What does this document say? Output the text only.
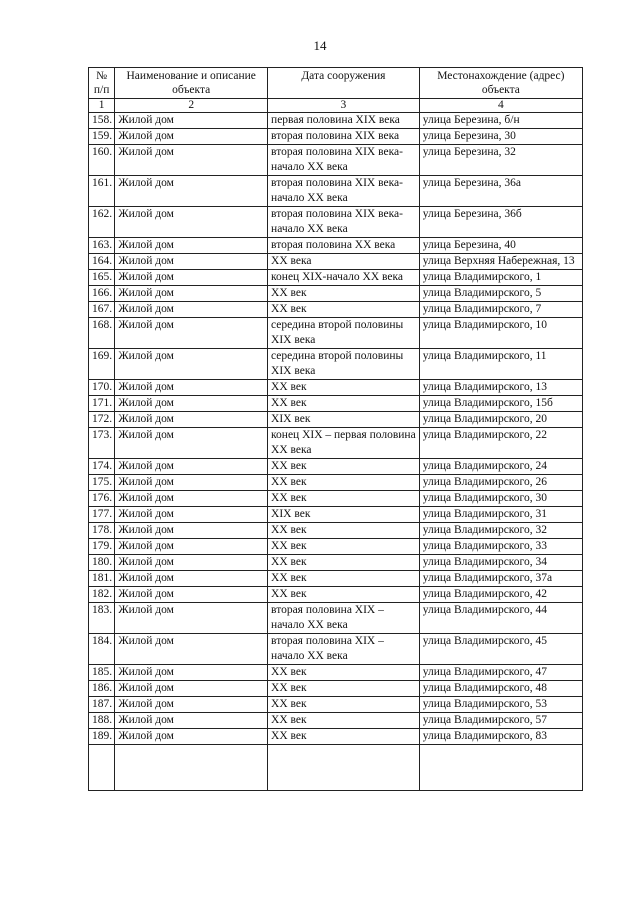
14
№ п/п	Наименование и описание объекта	Дата сооружения	Местонахождение (адрес) объекта
1	2	3	4
158.	Жилой дом	первая половина XIX века	улица Березина, б/н
159.	Жилой дом	вторая половина XIX века	улица Березина, 30
160.	Жилой дом	вторая половина XIX века- начало XX века	улица Березина, 32
161.	Жилой дом	вторая половина XIX века- начало XX века	улица Березина, 36а
162.	Жилой дом	вторая половина XIX века- начало XX века	улица Березина, 36б
163.	Жилой дом	вторая половина XX века	улица Березина, 40
164.	Жилой дом	XX века	улица Верхняя Набережная, 13
165.	Жилой дом	конец XIX-начало XX века	улица Владимирского, 1
166.	Жилой дом	XX век	улица Владимирского, 5
167.	Жилой дом	XX век	улица Владимирского, 7
168.	Жилой дом	середина второй половины XIX века	улица Владимирского, 10
169.	Жилой дом	середина второй половины XIX века	улица Владимирского, 11
170.	Жилой дом	XX век	улица Владимирского, 13
171.	Жилой дом	XX век	улица Владимирского, 15б
172.	Жилой дом	XIX век	улица Владимирского, 20
173.	Жилой дом	конец XIX – первая половина XX века	улица Владимирского, 22
174.	Жилой дом	XX век	улица Владимирского, 24
175.	Жилой дом	XX век	улица Владимирского, 26
176.	Жилой дом	XX век	улица Владимирского, 30
177.	Жилой дом	XIX век	улица Владимирского, 31
178.	Жилой дом	XX век	улица Владимирского, 32
179.	Жилой дом	XX век	улица Владимирского, 33
180.	Жилой дом	XX век	улица Владимирского, 34
181.	Жилой дом	XX век	улица Владимирского, 37а
182.	Жилой дом	XX век	улица Владимирского, 42
183.	Жилой дом	вторая половина XIX – начало XX века	улица Владимирского, 44
184.	Жилой дом	вторая половина XIX – начало XX века	улица Владимирского, 45
185.	Жилой дом	XX век	улица Владимирского, 47
186.	Жилой дом	XX век	улица Владимирского, 48
187.	Жилой дом	XX век	улица Владимирского, 53
188.	Жилой дом	XX век	улица Владимирского, 57
189.	Жилой дом	XX век	улица Владимирского, 83
